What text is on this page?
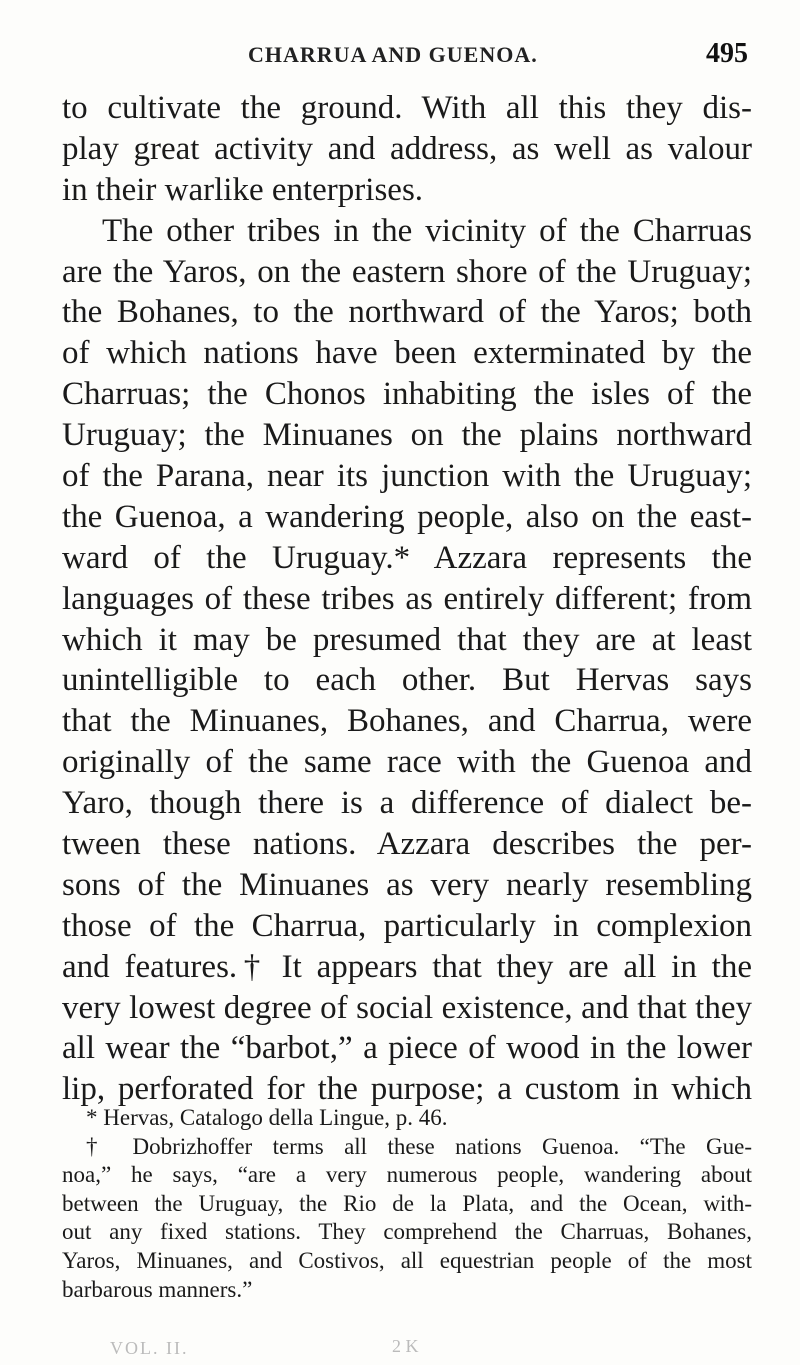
CHARRUA AND GUENOA.	495
to cultivate the ground. With all this they dis-
play great activity and address, as well as valour
in their warlike enterprises.
The other tribes in the vicinity of the Charruas
are the Yaros, on the eastern shore of the Uruguay;
the Bohanes, to the northward of the Yaros; both
of which nations have been exterminated by the
Charruas; the Chonos inhabiting the isles of the
Uruguay; the Minuanes on the plains northward
of the Parana, near its junction with the Uruguay;
the Guenoa, a wandering people, also on the east-
ward of the Uruguay.* Azzara represents the
languages of these tribes as entirely different; from
which it may be presumed that they are at least
unintelligible to each other. But Hervas says
that the Minuanes, Bohanes, and Charrua, were
originally of the same race with the Guenoa and
Yaro, though there is a difference of dialect be-
tween these nations. Azzara describes the per-
sons of the Minuanes as very nearly resembling
those of the Charrua, particularly in complexion
and features.† It appears that they are all in the
very lowest degree of social existence, and that they
all wear the “barbot,” a piece of wood in the lower
lip, perforated for the purpose; a custom in which
* Hervas, Catalogo della Lingue, p. 46.
† Dobrizhoffer terms all these nations Guenoa. “The Gue-
noa,” he says, “are a very numerous people, wandering about
between the Uruguay, the Rio de la Plata, and the Ocean, with-
out any fixed stations. They comprehend the Charruas, Bohanes,
Yaros, Minuanes, and Costivos, all equestrian people of the most
barbarous manners.”
VOL. II.	2 K
